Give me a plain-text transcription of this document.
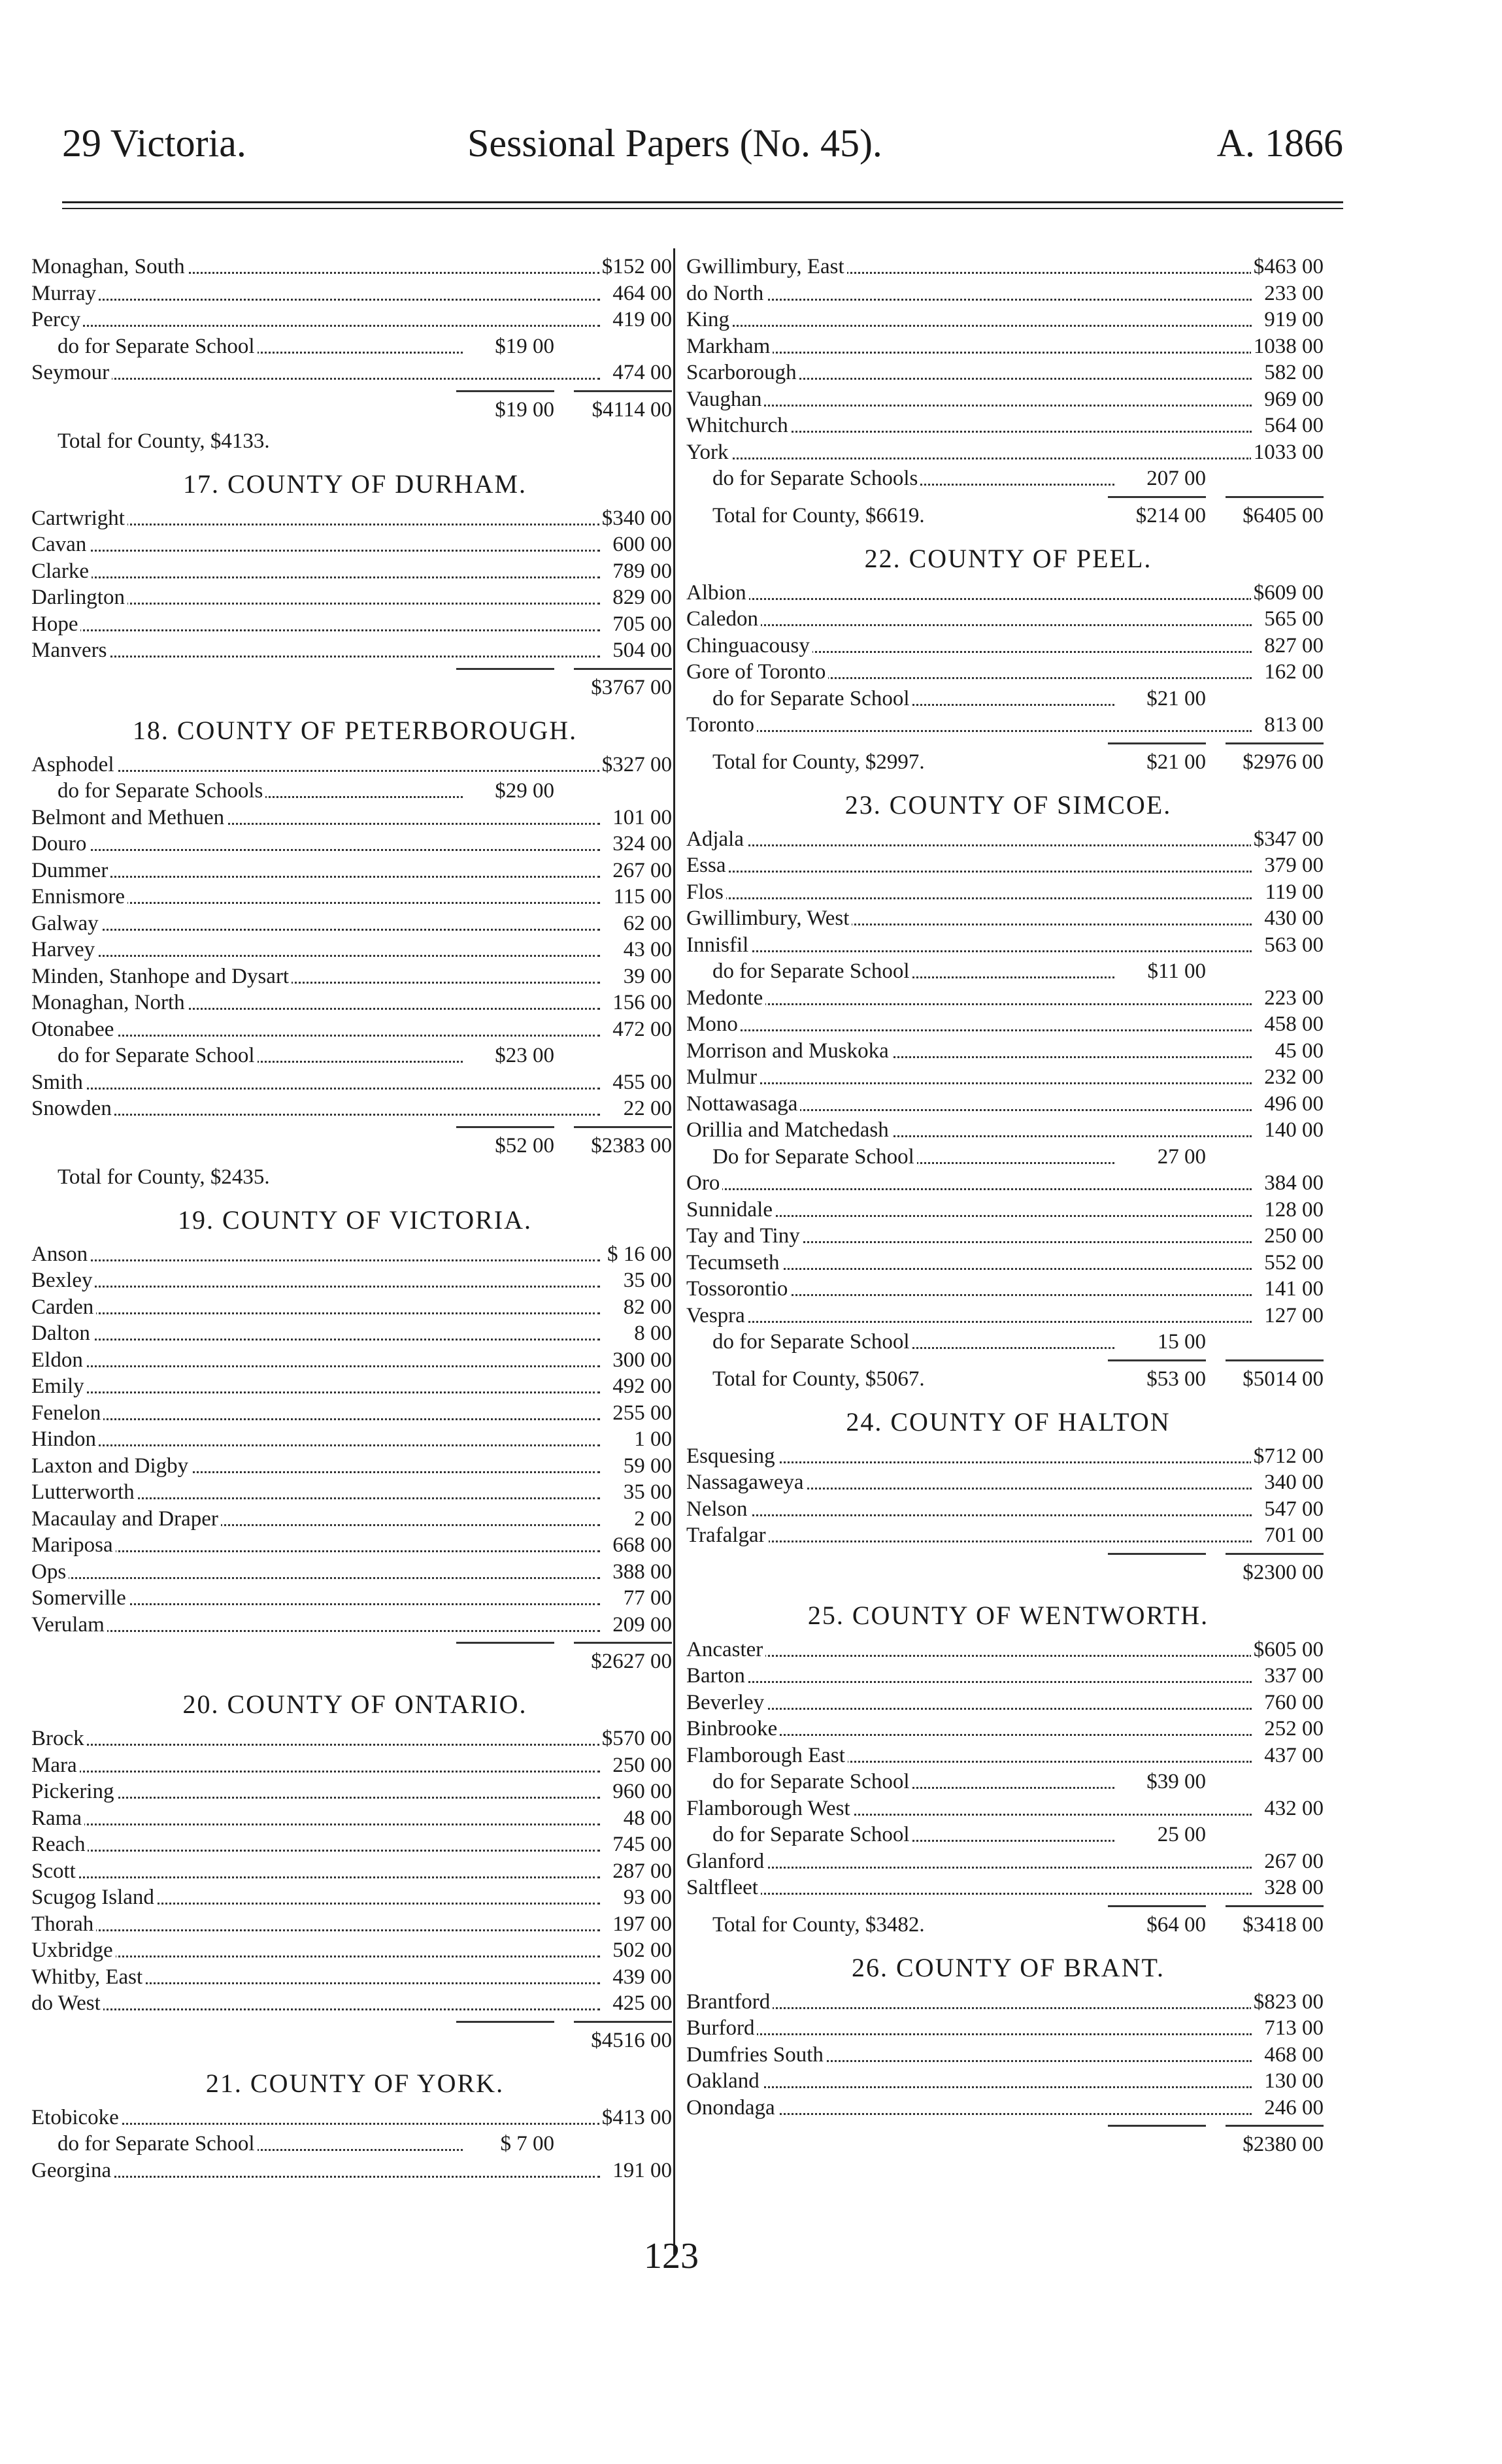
29 Victoria.	Sessional Papers (No. 45).	A. 1866
Monaghan, South	$152 00
Murray	464 00
Percy	419 00
do for Separate School	$19 00
Seymour	474 00
$19 00 $4114 00
Total for County, $4133.
17. COUNTY OF DURHAM.
Cartwright	$340 00
Cavan	600 00
Clarke	789 00
Darlington	829 00
Hope	705 00
Manvers	504 00
$3767 00
18. COUNTY OF PETERBOROUGH.
Asphodel	$327 00
do for Separate Schools	$29 00
Belmont and Methuen	101 00
Douro	324 00
Dummer	267 00
Ennismore	115 00
Galway	62 00
Harvey	43 00
Minden, Stanhope and Dysart	39 00
Monaghan, North	156 00
Otonabee	472 00
do for Separate School	$23 00
Smith	455 00
Snowden	22 00
$52 00 $2383 00
Total for County, $2435.
19. COUNTY OF VICTORIA.
Anson	$ 16 00
Bexley	35 00
Carden	82 00
Dalton	8 00
Eldon	300 00
Emily	492 00
Fenelon	255 00
Hindon	1 00
Laxton and Digby	59 00
Lutterworth	35 00
Macaulay and Draper	2 00
Mariposa	668 00
Ops	388 00
Somerville	77 00
Verulam	209 00
$2627 00
20. COUNTY OF ONTARIO.
Brock	$570 00
Mara	250 00
Pickering	960 00
Rama	48 00
Reach	745 00
Scott	287 00
Scugog Island	93 00
Thorah	197 00
Uxbridge	502 00
Whitby, East	439 00
do West	425 00
$4516 00
21. COUNTY OF YORK.
Etobicoke	$413 00
do for Separate School	$ 7 00
Georgina	191 00
Gwillimbury, East	$463 00
do North	233 00
King	919 00
Markham	1038 00
Scarborough	582 00
Vaughan	969 00
Whitchurch	564 00
York	1033 00
do for Separate Schools	207 00
Total for County, $6619.	$214 00 $6405 00
22. COUNTY OF PEEL.
Albion	$609 00
Caledon	565 00
Chinguacousy	827 00
Gore of Toronto	162 00
do for Separate School	$21 00
Toronto	813 00
Total for County, $2997.	$21 00 $2976 00
23. COUNTY OF SIMCOE.
Adjala	$347 00
Essa	379 00
Flos	119 00
Gwillimbury, West	430 00
Innisfil	563 00
do for Separate School	$11 00
Medonte	223 00
Mono	458 00
Morrison and Muskoka	45 00
Mulmur	232 00
Nottawasaga	496 00
Orillia and Matchedash	140 00
Do for Separate School	27 00
Oro	384 00
Sunnidale	128 00
Tay and Tiny	250 00
Tecumseth	552 00
Tossorontio	141 00
Vespra	127 00
do for Separate School	15 00
Total for County, $5067.	$53 00 $5014 00
24. COUNTY OF HALTON
Esquesing	$712 00
Nassagaweya	340 00
Nelson	547 00
Trafalgar	701 00
$2300 00
25. COUNTY OF WENTWORTH.
Ancaster	$605 00
Barton	337 00
Beverley	760 00
Binbrooke	252 00
Flamborough East	437 00
do for Separate School	$39 00
Flamborough West	432 00
do for Separate School	25 00
Glanford	267 00
Saltfleet	328 00
Total for County, $3482.	$64 00 $3418 00
26. COUNTY OF BRANT.
Brantford	$823 00
Burford	713 00
Dumfries South	468 00
Oakland	130 00
Onondaga	246 00
$2380 00
123
